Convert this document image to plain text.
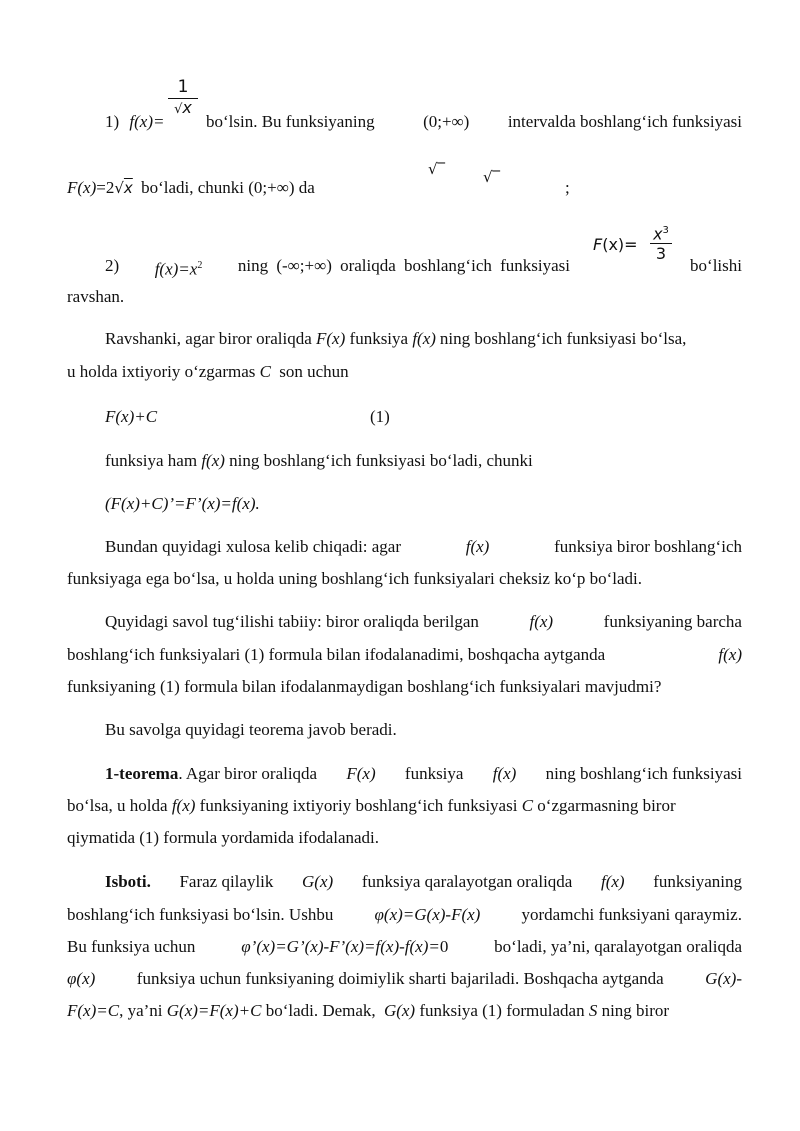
$\frac{1}{√x}$
1) f(x)=	bo‘lsin. Bu funksiyaning	(0;+∞) intervalda boshlang‘ich funksiyasi
F(x)=2√x bo‘ladi, chunki (0;+∞) da
√‾	√‾
;
$F(x)= \frac{x^3}{3}$
2) $f(x)=x^2$ ning (-∞;+∞) oraliqda boshlang‘ich funksiyasi	bo‘lishi
ravshan.
Ravshanki, agar biror oraliqda F(x) funksiya f(x) ning boshlang‘ich funksiyasi bo‘lsa,
u holda ixtiyoriy o‘zgarmas C son uchun
F(x)+C	(1)
funksiya ham f(x) ning boshlang‘ich funksiyasi bo‘ladi, chunki
(F(x)+C)’=F’(x)=f(x).
Bundan quyidagi xulosa kelib chiqadi: agar	f(x)	funksiya biror boshlang‘ich
funksiyaga ega bo‘lsa, u holda uning boshlang‘ich funksiyalari cheksiz ko‘p bo‘ladi.
Quyidagi savol tug‘ilishi tabiiy: biror oraliqda berilgan	f(x)	funksiyaning barcha
boshlang‘ich funksiyalari (1) formula bilan ifodalanadimi, boshqacha aytganda	f(x)
funksiyaning (1) formula bilan ifodalanmaydigan boshlang‘ich funksiyalari mavjudmi?
Bu savolga quyidagi teorema javob beradi.
1-teorema. Agar biror oraliqda F(x) funksiya f(x) ning boshlang‘ich funksiyasi
bo‘lsa, u holda f(x) funksiyaning ixtiyoriy boshlang‘ich funksiyasi C o‘zgarmasning biror
qiymatida (1) formula yordamida ifodalanadi.
Isboti. Faraz qilaylik G(x) funksiya qaralayotgan oraliqda f(x) funksiyaning
boshlang‘ich funksiyasi bo‘lsin. Ushbu φ(x)=G(x)-F(x) yordamchi funksiyani qaraymiz.
Bu funksiya uchun	φ’(x)=G’(x)-F’(x)=f(x)-f(x)=0	bo‘ladi, ya’ni, qaralayotgan oraliqda
φ(x) funksiya uchun funksiyaning doimiylik sharti bajariladi. Boshqacha aytganda G(x)-
F(x)=C, ya’ni G(x)=F(x)+C bo‘ladi. Demak, G(x) funksiya (1) formuladan S ning biror
